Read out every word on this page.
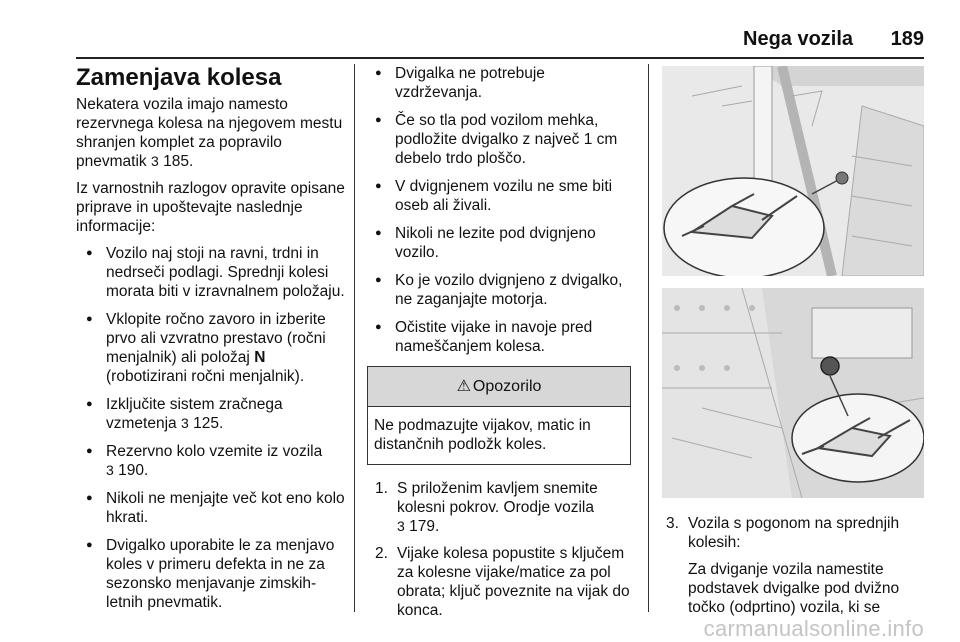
Nega vozila 189
Zamenjava kolesa

Nekatera vozila imajo namesto rezervnega kolesa na njegovem mestu shranjen komplet za popravilo pnevmatik 3 185.

Iz varnostnih razlogov opravite opisane priprave in upoštevajte naslednje informacije:

● Vozilo naj stoji na ravni, trdni in nedrseči podlagi. Sprednji kolesi morata biti v izravnalnem položaju.
● Vklopite ročno zavoro in izberite prvo ali vzvratno prestavo (ročni menjalnik) ali položaj N (robotizirani ročni menjalnik).
● Izključite sistem zračnega vzmetenja 3 125.
● Rezervno kolo vzemite iz vozila
3 190.
● Nikoli ne menjajte več kot eno kolo hkrati.
● Dvigalko uporabite le za menjavo koles v primeru defekta in ne za sezonsko menjavanje zimskih-letnih pnevmatik.
● Dvigalka ne potrebuje vzdrževanja.
● Če so tla pod vozilom mehka, podložite dvigalko z največ 1 cm debelo trdo ploščo.
● V dvignjenem vozilu ne sme biti oseb ali živali.
● Nikoli ne lezite pod dvignjeno vozilo.
● Ko je vozilo dvignjeno z dvigalko, ne zaganjajte motorja.
● Očistite vijake in navoje pred nameščanjem kolesa.
⚠ Opozorilo
Ne podmazujte vijakov, matic in distančnih podložk koles.
1. S priloženim kavljem snemite kolesni pokrov. Orodje vozila
3 179.
2. Vijake kolesa popustite s ključem za kolesne vijake/matice za pol obrata; ključ poveznite na vijak do konca.
3. Vozila s pogonom na sprednjih kolesih:
Za dviganje vozila namestite podstavek dvigalke pod dvižno točko (odprtino) vozila, ki se
carmanualsonline.info
